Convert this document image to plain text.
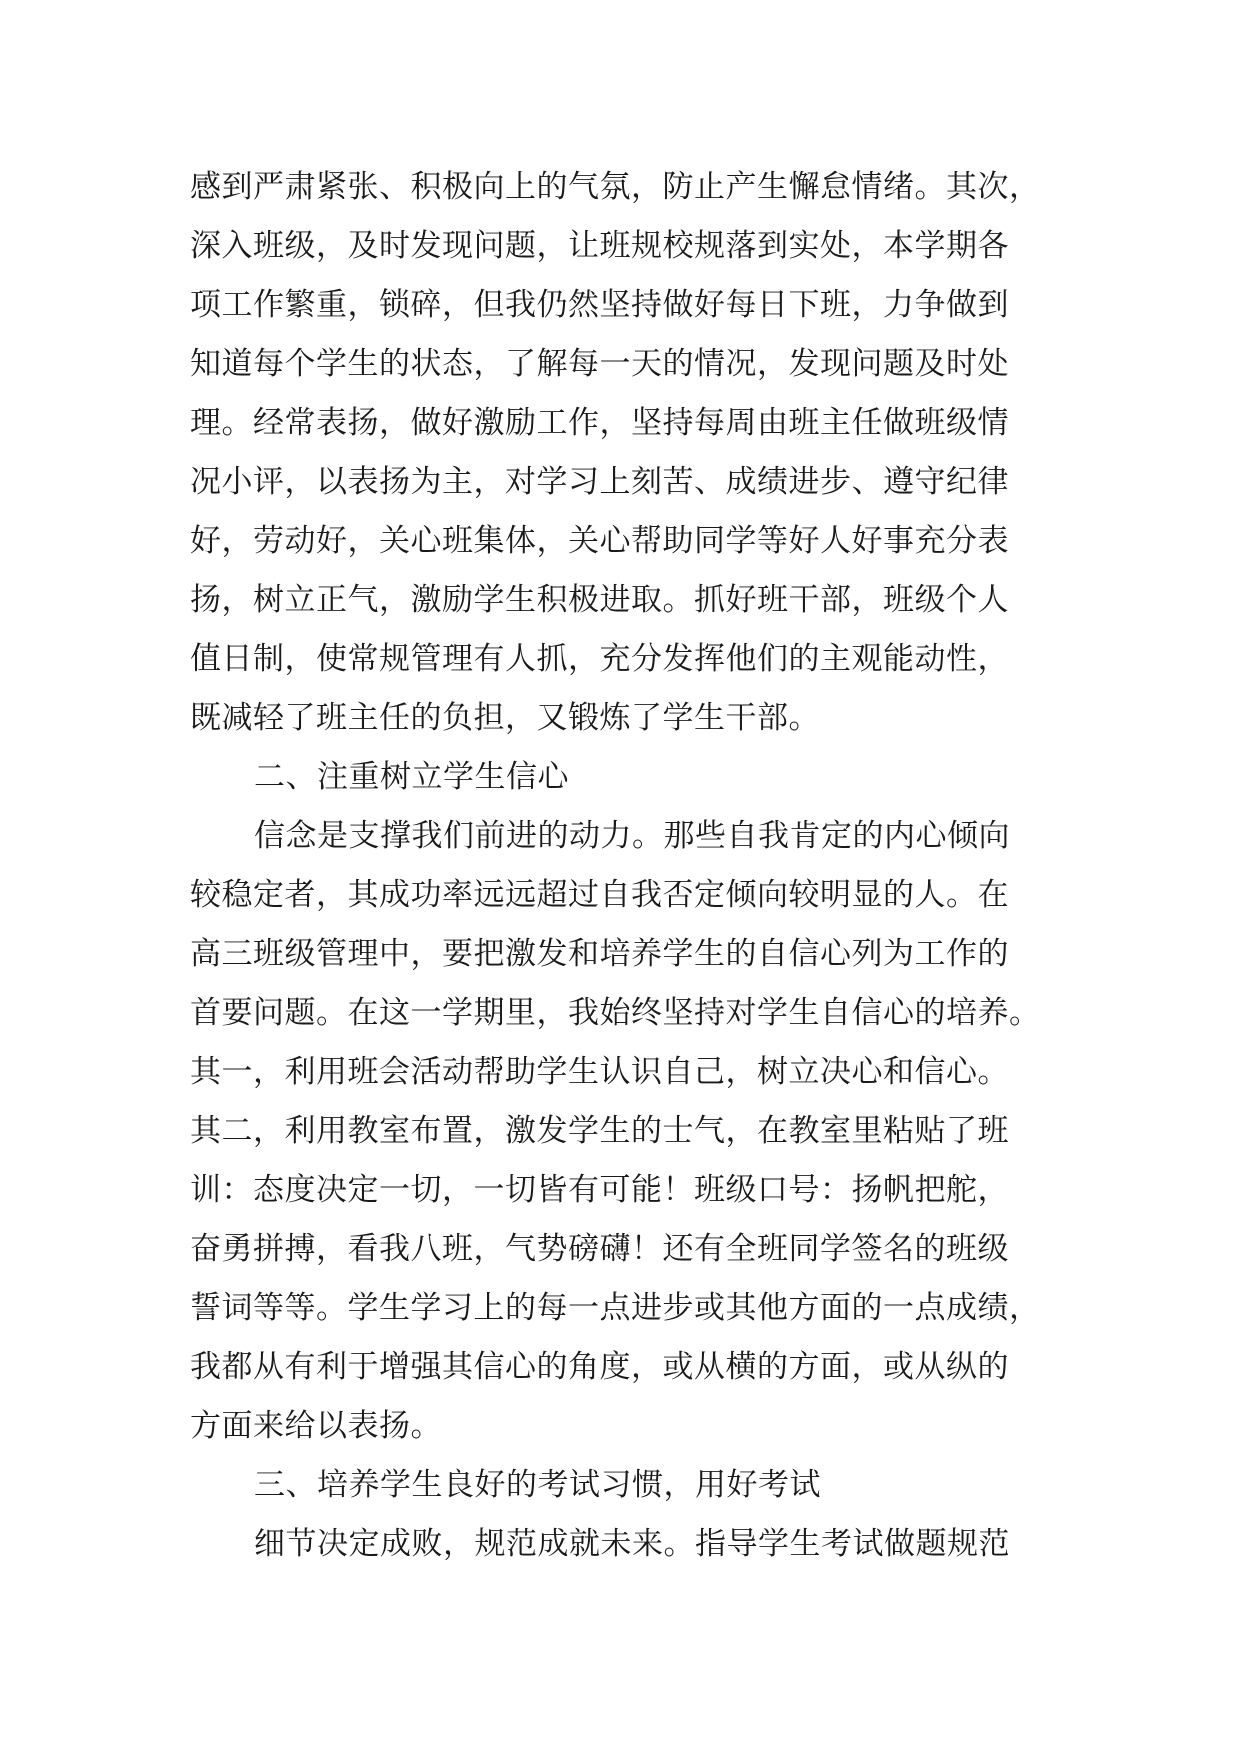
感到严肃紧张、积极向上的气氛，防止产生懈怠情绪。其次，
深入班级，及时发现问题，让班规校规落到实处，本学期各
项工作繁重，锁碎，但我仍然坚持做好每日下班，力争做到
知道每个学生的状态，了解每一天的情况，发现问题及时处
理。经常表扬，做好激励工作，坚持每周由班主任做班级情
况小评，以表扬为主，对学习上刻苦、成绩进步、遵守纪律
好，劳动好，关心班集体，关心帮助同学等好人好事充分表
扬，树立正气，激励学生积极进取。抓好班干部，班级个人
值日制，使常规管理有人抓，充分发挥他们的主观能动性，
既减轻了班主任的负担，又锻炼了学生干部。
二、注重树立学生信心
信念是支撑我们前进的动力。那些自我肯定的内心倾向
较稳定者，其成功率远远超过自我否定倾向较明显的人。在
高三班级管理中，要把激发和培养学生的自信心列为工作的
首要问题。在这一学期里，我始终坚持对学生自信心的培养。
其一，利用班会活动帮助学生认识自己，树立决心和信心。
其二，利用教室布置，激发学生的士气，在教室里粘贴了班
训：态度决定一切，一切皆有可能！班级口号：扬帆把舵，
奋勇拼搏，看我八班，气势磅礴！还有全班同学签名的班级
誓词等等。学生学习上的每一点进步或其他方面的一点成绩，
我都从有利于增强其信心的角度，或从横的方面，或从纵的
方面来给以表扬。
三、培养学生良好的考试习惯，用好考试
细节决定成败，规范成就未来。指导学生考试做题规范
